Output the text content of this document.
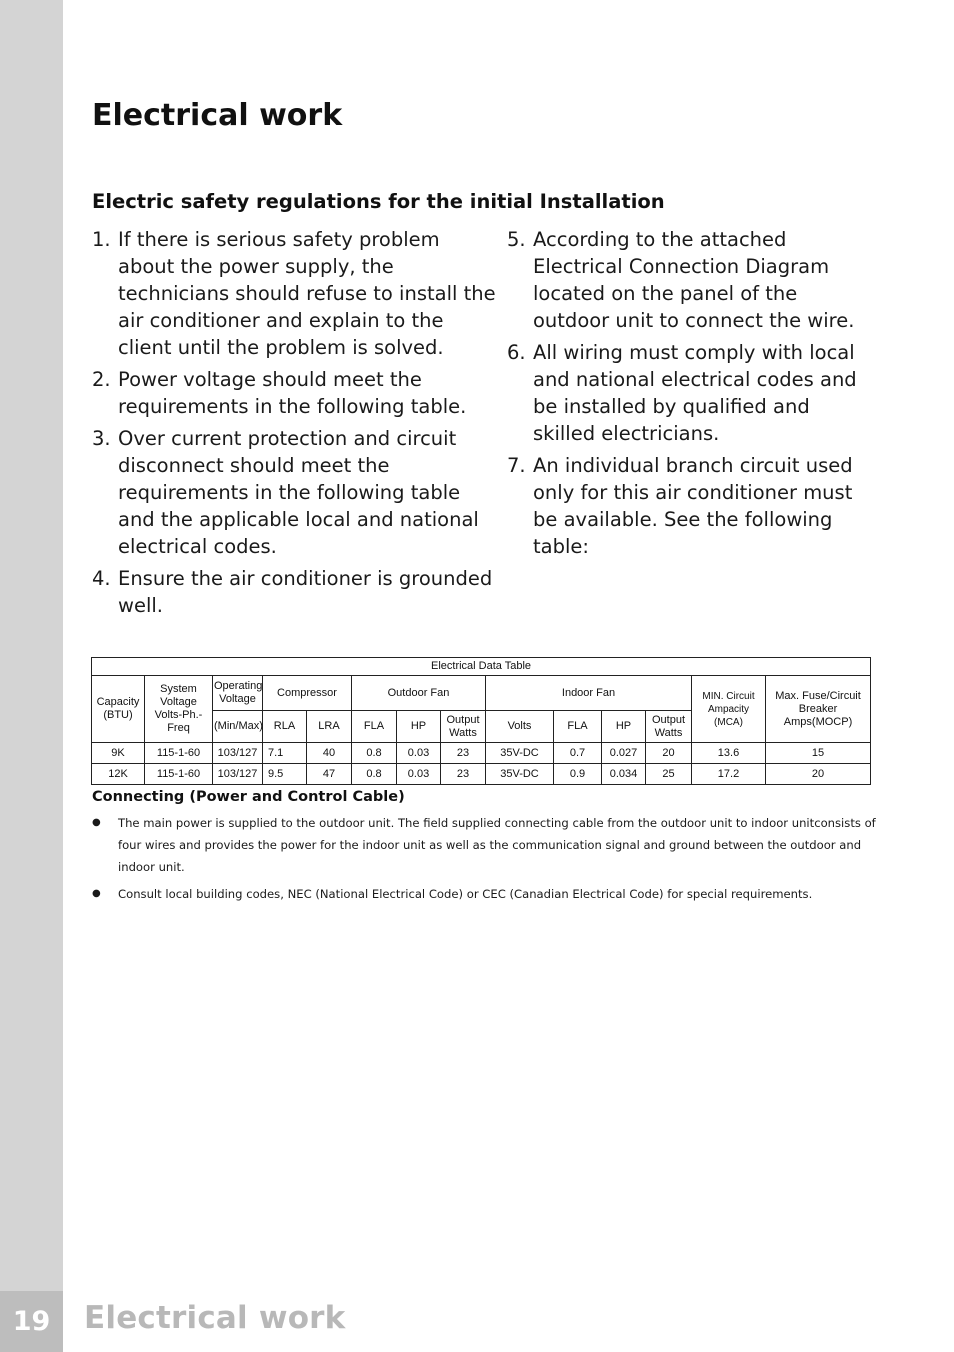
Electrical work
Electric safety regulations for the initial Installation
1. If there is serious safety problem about the power supply, the technicians should refuse to install the air conditioner and explain to the client until the problem is solved.
2. Power voltage should meet the requirements in the following table.
3. Over current protection and circuit disconnect should meet the requirements in the following table and the applicable local and national electrical codes.
4. Ensure the air conditioner is grounded well.
5. According to the attached Electrical Connection Diagram located on the panel of the outdoor unit to connect the wire.
6. All wiring must comply with local and national electrical codes and be installed by qualified and skilled electricians.
7. An individual branch circuit used only for this air conditioner must be available. See the following table:
Electrical Data Table													
Capacity (BTU)	System Voltage Volts-Ph.-Freq	Operating Voltage	Compressor		Outdoor Fan			Indoor Fan				MIN. Circuit Ampacity (MCA)	Max. Fuse/Circuit Breaker Amps(MOCP)
		(Min/Max)	RLA	LRA	FLA	HP	Output Watts	Volts	FLA	HP	Output Watts		
9K	115-1-60	103/127	7.1	40	0.8	0.03	23	35V-DC	0.7	0.027	20	13.6	15
12K	115-1-60	103/127	9.5	47	0.8	0.03	23	35V-DC	0.9	0.034	25	17.2	20
Connecting (Power and Control Cable)
●	The main power is supplied to the outdoor unit. The field supplied connecting cable from the outdoor unit to indoor unitconsists of four wires and provides the power for the indoor unit as well as the communication signal and ground between the outdoor and indoor unit.
●	Consult local building codes, NEC (National Electrical Code) or CEC (Canadian Electrical Code) for special requirements.
19	Electrical work
